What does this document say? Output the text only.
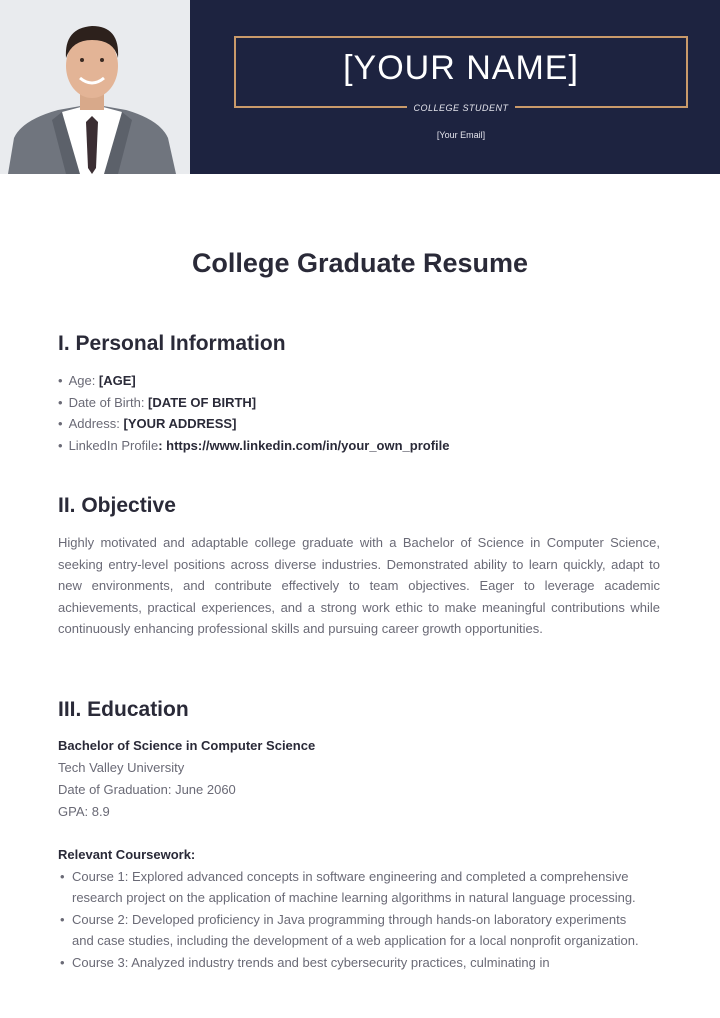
[YOUR NAME]
COLLEGE STUDENT
[Your Email]
College Graduate Resume
I. Personal Information
• Age: [AGE]
• Date of Birth: [DATE OF BIRTH]
• Address: [YOUR ADDRESS]
• LinkedIn Profile: https://www.linkedin.com/in/your_own_profile
II. Objective

Highly motivated and adaptable college graduate with a Bachelor of Science in Computer Science, seeking entry-level positions across diverse industries. Demonstrated ability to learn quickly, adapt to new environments, and contribute effectively to team objectives. Eager to leverage academic achievements, practical experiences, and a strong work ethic to make meaningful contributions while continuously enhancing professional skills and pursuing career growth opportunities.

III. Education
Bachelor of Science in Computer Science
Tech Valley University
Date of Graduation: June 2060
GPA: 8.9
Relevant Coursework:
• Course 1: Explored advanced concepts in software engineering and completed a comprehensive research project on the application of machine learning algorithms in natural language processing.
• Course 2: Developed proficiency in Java programming through hands-on laboratory experiments and case studies, including the development of a web application for a local nonprofit organization.
• Course 3: Analyzed industry trends and best cybersecurity practices, culminating in
